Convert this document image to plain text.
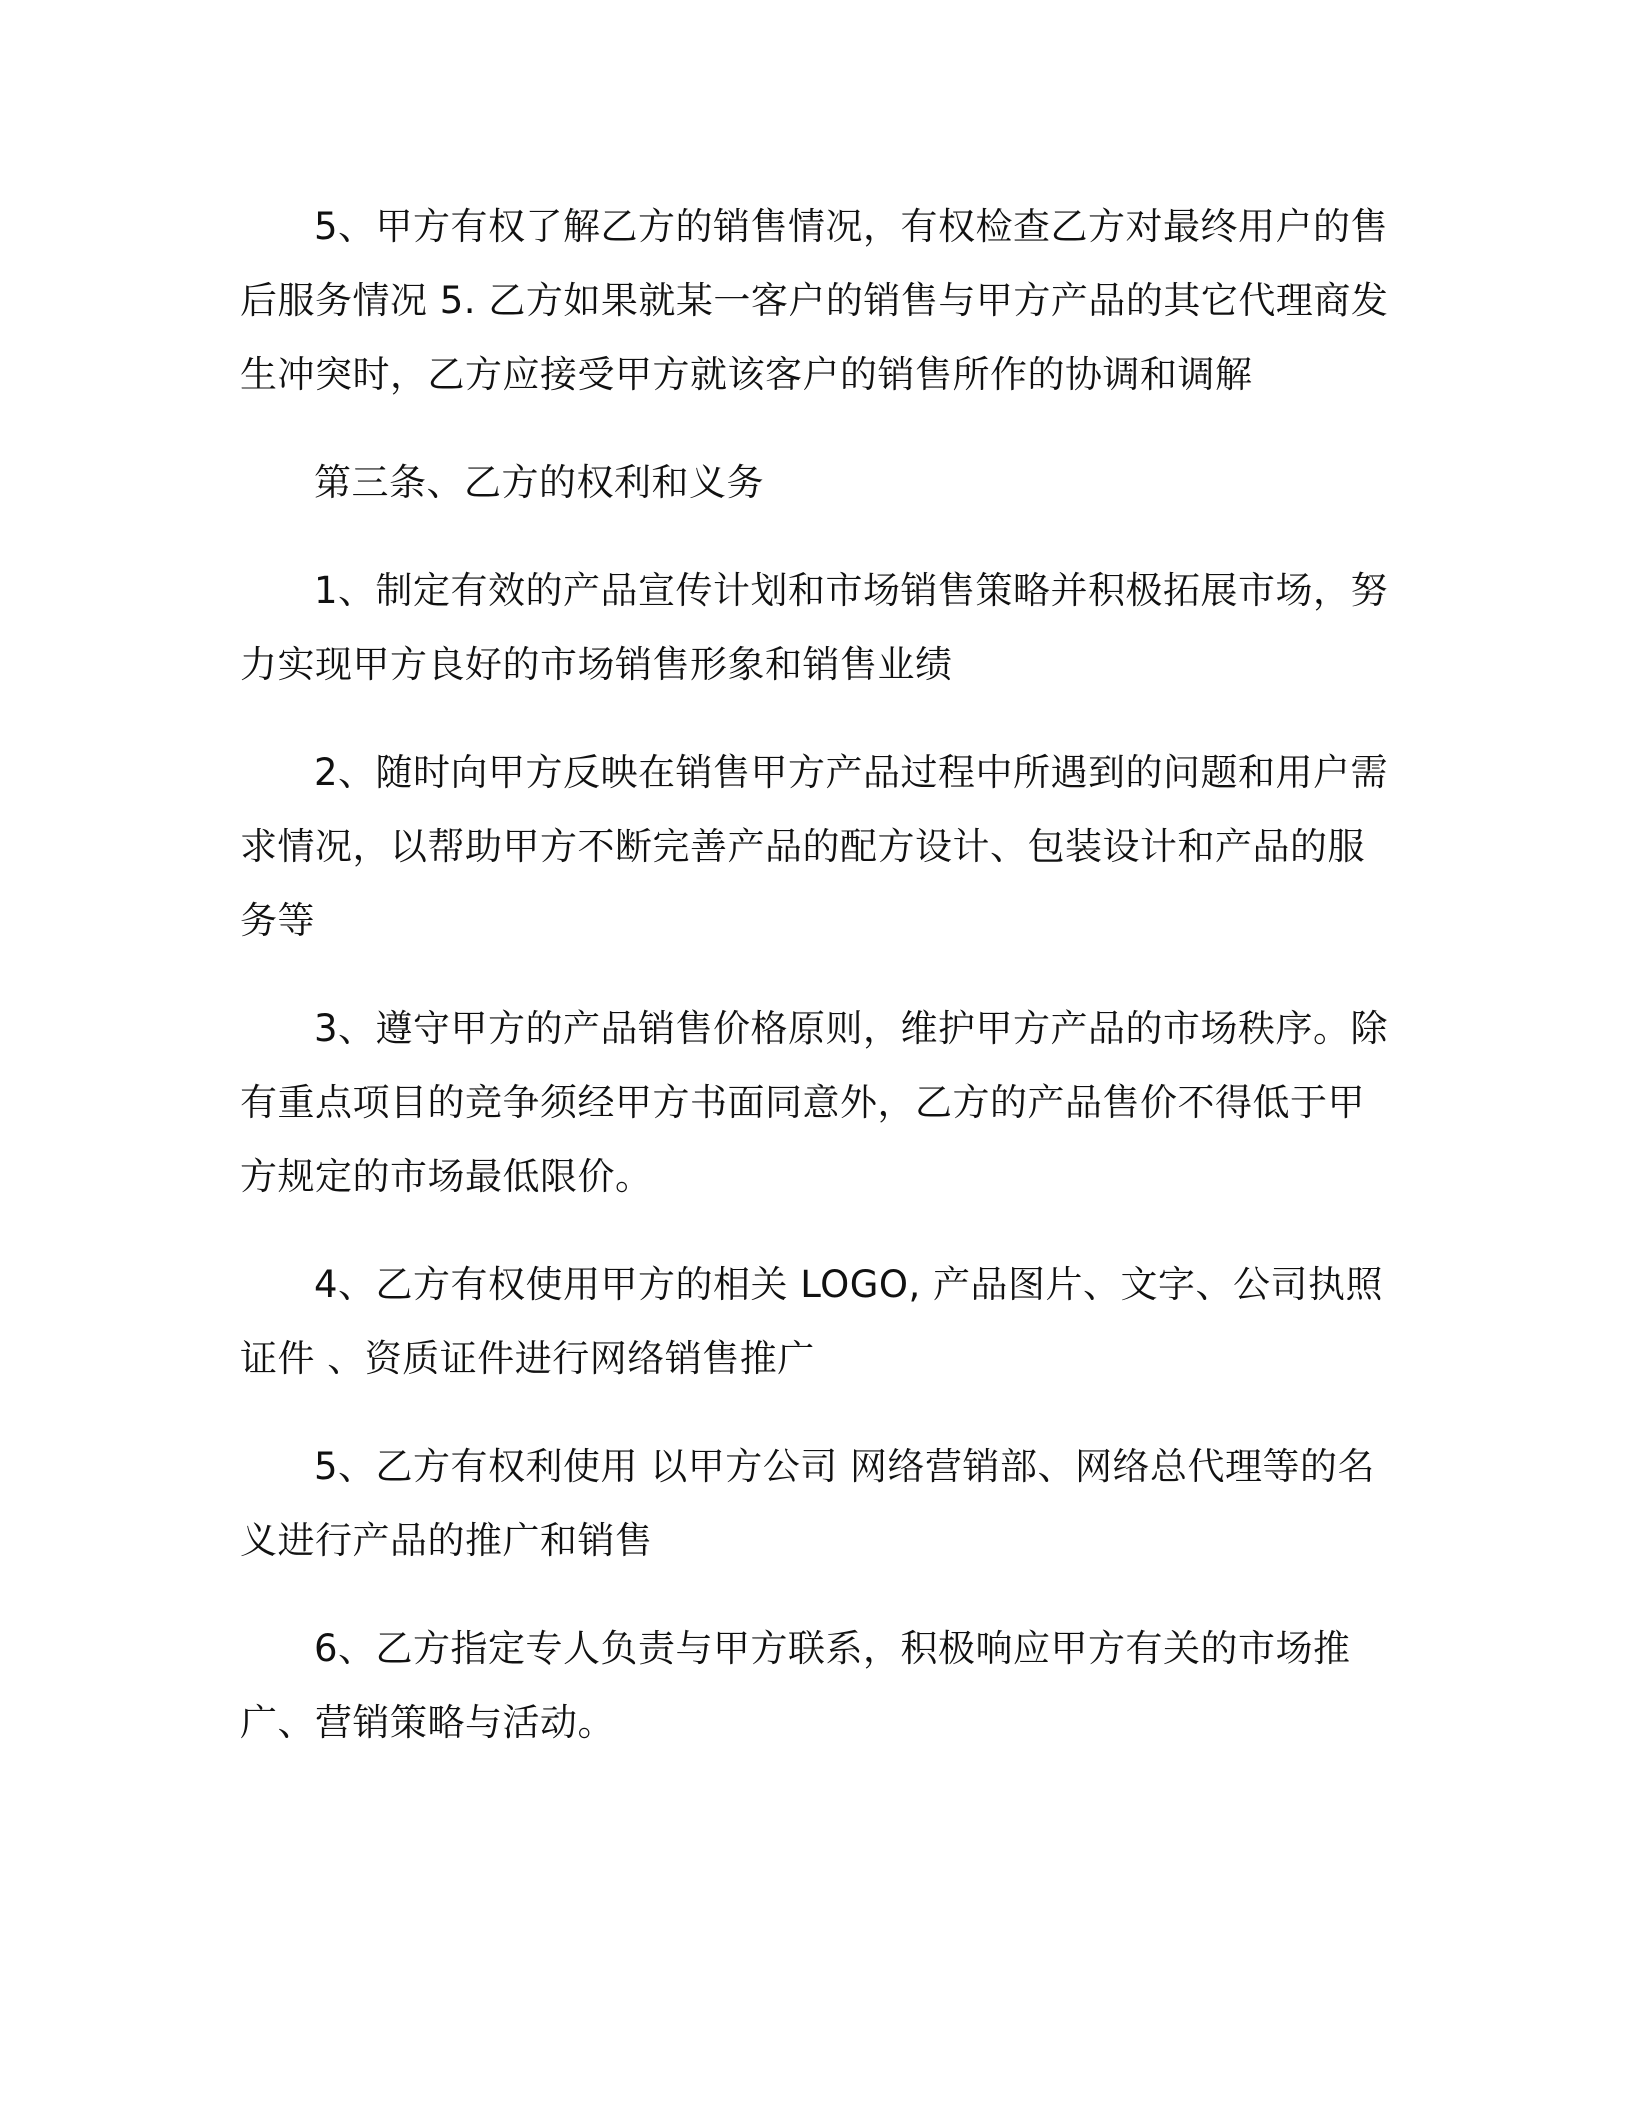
5、甲方有权了解乙方的销售情况，有权检查乙方对最终用户的售后服务情况 5. 乙方如果就某一客户的销售与甲方产品的其它代理商发生冲突时，乙方应接受甲方就该客户的销售所作的协调和调解

第三条、乙方的权利和义务

1、制定有效的产品宣传计划和市场销售策略并积极拓展市场，努力实现甲方良好的市场销售形象和销售业绩

2、随时向甲方反映在销售甲方产品过程中所遇到的问题和用户需求情况，以帮助甲方不断完善产品的配方设计、包装设计和产品的服务等

3、遵守甲方的产品销售价格原则，维护甲方产品的市场秩序。除有重点项目的竞争须经甲方书面同意外，乙方的产品售价不得低于甲方规定的市场最低限价。

4、乙方有权使用甲方的相关 LOGO, 产品图片、文字、公司执照证件 、资质证件进行网络销售推广

5、乙方有权利使用 以甲方公司 网络营销部、网络总代理等的名义进行产品的推广和销售

6、乙方指定专人负责与甲方联系，积极响应甲方有关的市场推广、营销策略与活动。
